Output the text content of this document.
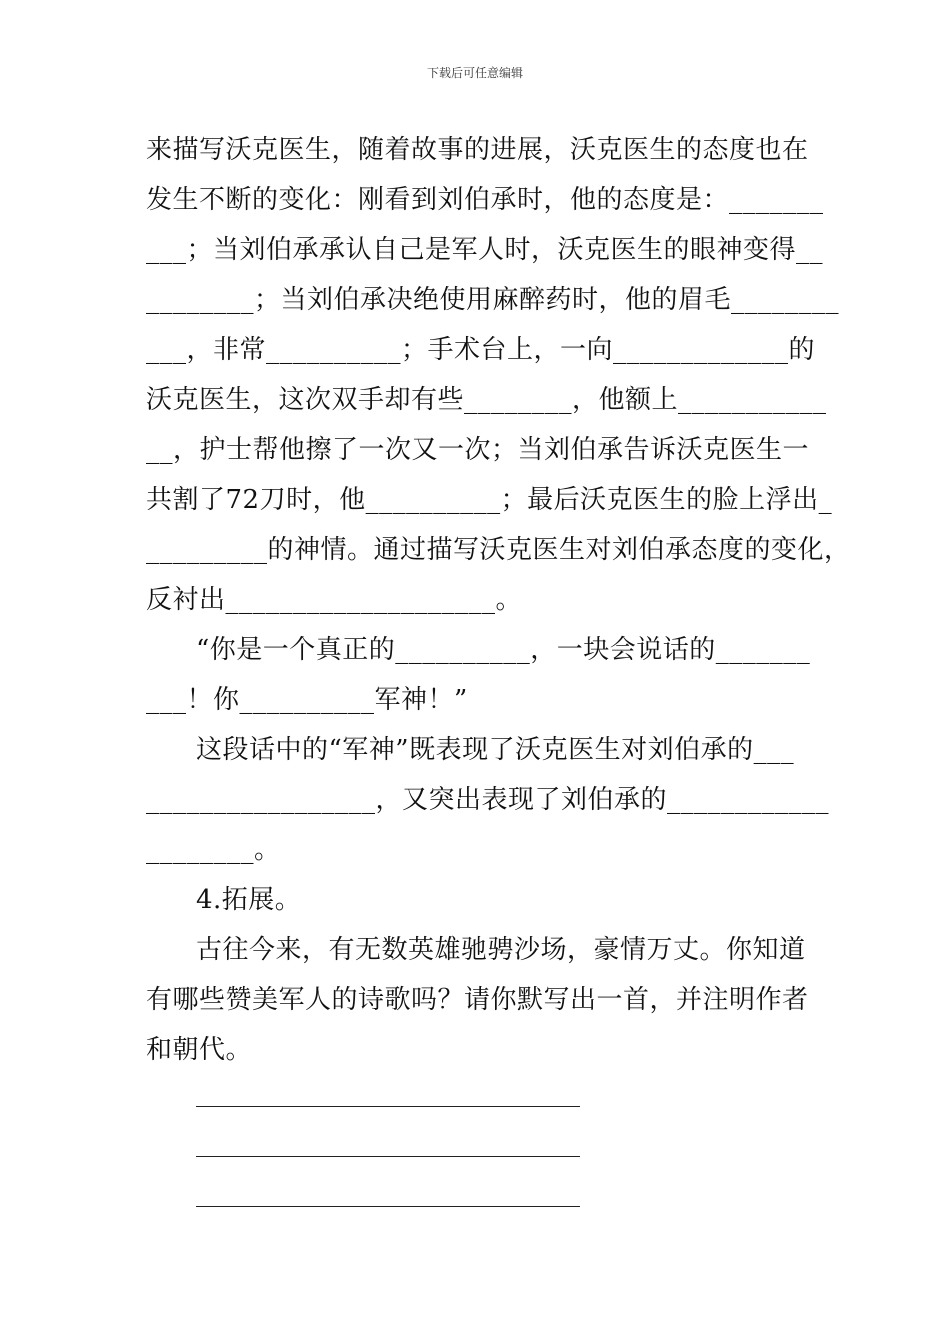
下载后可任意编辑
来描写沃克医生，随着故事的进展，沃克医生的态度也在
发生不断的变化：刚看到刘伯承时，他的态度是：_______
___；当刘伯承承认自己是军人时，沃克医生的眼神变得__
________；当刘伯承决绝使用麻醉药时，他的眉毛________
___，非常__________；手术台上，一向_____________的
沃克医生，这次双手却有些________，他额上___________
__，护士帮他擦了一次又一次；当刘伯承告诉沃克医生一
共割了72刀时，他__________；最后沃克医生的脸上浮出_
_________的神情。通过描写沃克医生对刘伯承态度的变化，
反衬出____________________。
“你是一个真正的__________，一块会说话的_______
___！你__________军神！”
这段话中的“军神”既表现了沃克医生对刘伯承的___
_________________，又突出表现了刘伯承的____________
________。
4.拓展。
古往今来，有无数英雄驰骋沙场，豪情万丈。你知道
有哪些赞美军人的诗歌吗？请你默写出一首，并注明作者
和朝代。
